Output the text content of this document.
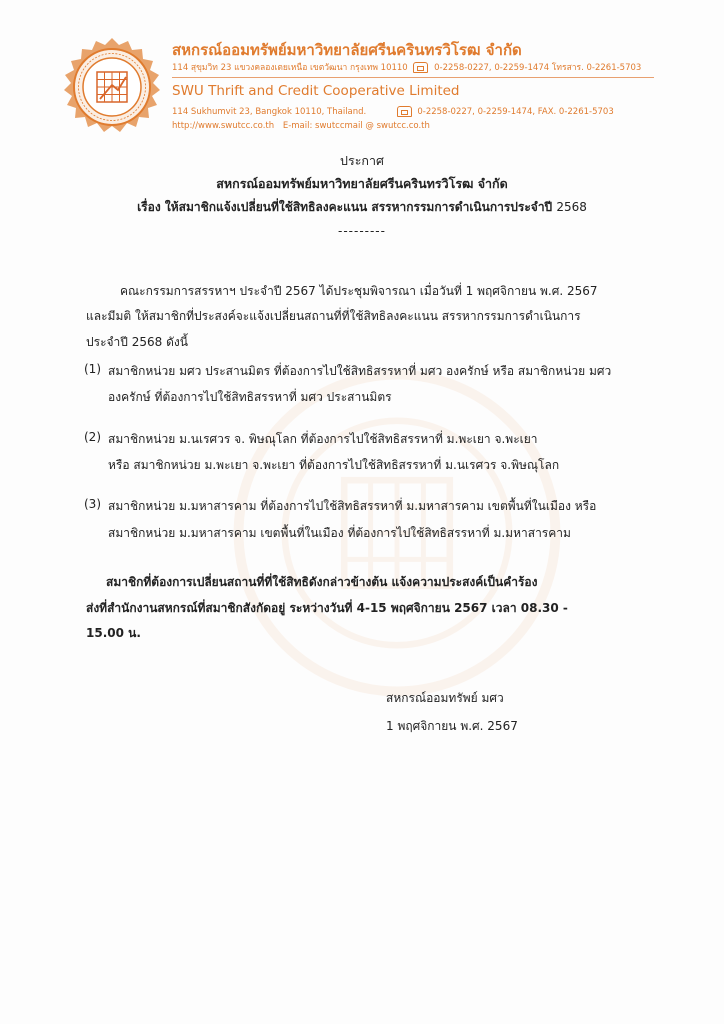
สหกรณ์ออมทรัพย์มหาวิทยาลัยศรีนครินทรวิโรฒ จำกัด
114 สุขุมวิท 23 แขวงคลองเตยเหนือ เขตวัฒนา กรุงเทพ 10110	0-2258-0227, 0-2259-1474 โทรสาร. 0-2261-5703
SWU Thrift and Credit Cooperative Limited
114 Sukhumvit 23, Bangkok 10110, Thailand.	0-2258-0227, 0-2259-1474, FAX. 0-2261-5703
http://www.swutcc.co.th E-mail: swutccmail @ swutcc.co.th
ประกาศ
สหกรณ์ออมทรัพย์มหาวิทยาลัยศรีนครินทรวิโรฒ จำกัด
เรื่อง ให้สมาชิกแจ้งเปลี่ยนที่ใช้สิทธิลงคะแนน สรรหากรรมการดำเนินการประจำปี 2568
---------
คณะกรรมการสรรหาฯ ประจำปี 2567 ได้ประชุมพิจารณา เมื่อวันที่ 1 พฤศจิกายน พ.ศ. 2567
และมีมติ ให้สมาชิกที่ประสงค์จะแจ้งเปลี่ยนสถานที่ที่ใช้สิทธิลงคะแนน สรรหากรรมการดำเนินการ
ประจำปี 2568 ดังนี้
(1) สมาชิกหน่วย มศว ประสานมิตร ที่ต้องการไปใช้สิทธิสรรหาที่ มศว องครักษ์ หรือ สมาชิกหน่วย มศว
องครักษ์ ที่ต้องการไปใช้สิทธิสรรหาที่ มศว ประสานมิตร
(2) สมาชิกหน่วย ม.นเรศวร จ. พิษณุโลก ที่ต้องการไปใช้สิทธิสรรหาที่ ม.พะเยา จ.พะเยา
หรือ สมาชิกหน่วย ม.พะเยา จ.พะเยา ที่ต้องการไปใช้สิทธิสรรหาที่ ม.นเรศวร จ.พิษณุโลก
(3) สมาชิกหน่วย ม.มหาสารคาม ที่ต้องการไปใช้สิทธิสรรหาที่ ม.มหาสารคาม เขตพื้นที่ในเมือง หรือ
สมาชิกหน่วย ม.มหาสารคาม เขตพื้นที่ในเมือง ที่ต้องการไปใช้สิทธิสรรหาที่ ม.มหาสารคาม
สมาชิกที่ต้องการเปลี่ยนสถานที่ที่ใช้สิทธิดังกล่าวข้างต้น แจ้งความประสงค์เป็นคำร้อง
ส่งที่สำนักงานสหกรณ์ที่สมาชิกสังกัดอยู่ ระหว่างวันที่ 4-15 พฤศจิกายน 2567 เวลา 08.30 -
15.00 น.
สหกรณ์ออมทรัพย์ มศว
1 พฤศจิกายน พ.ศ. 2567
